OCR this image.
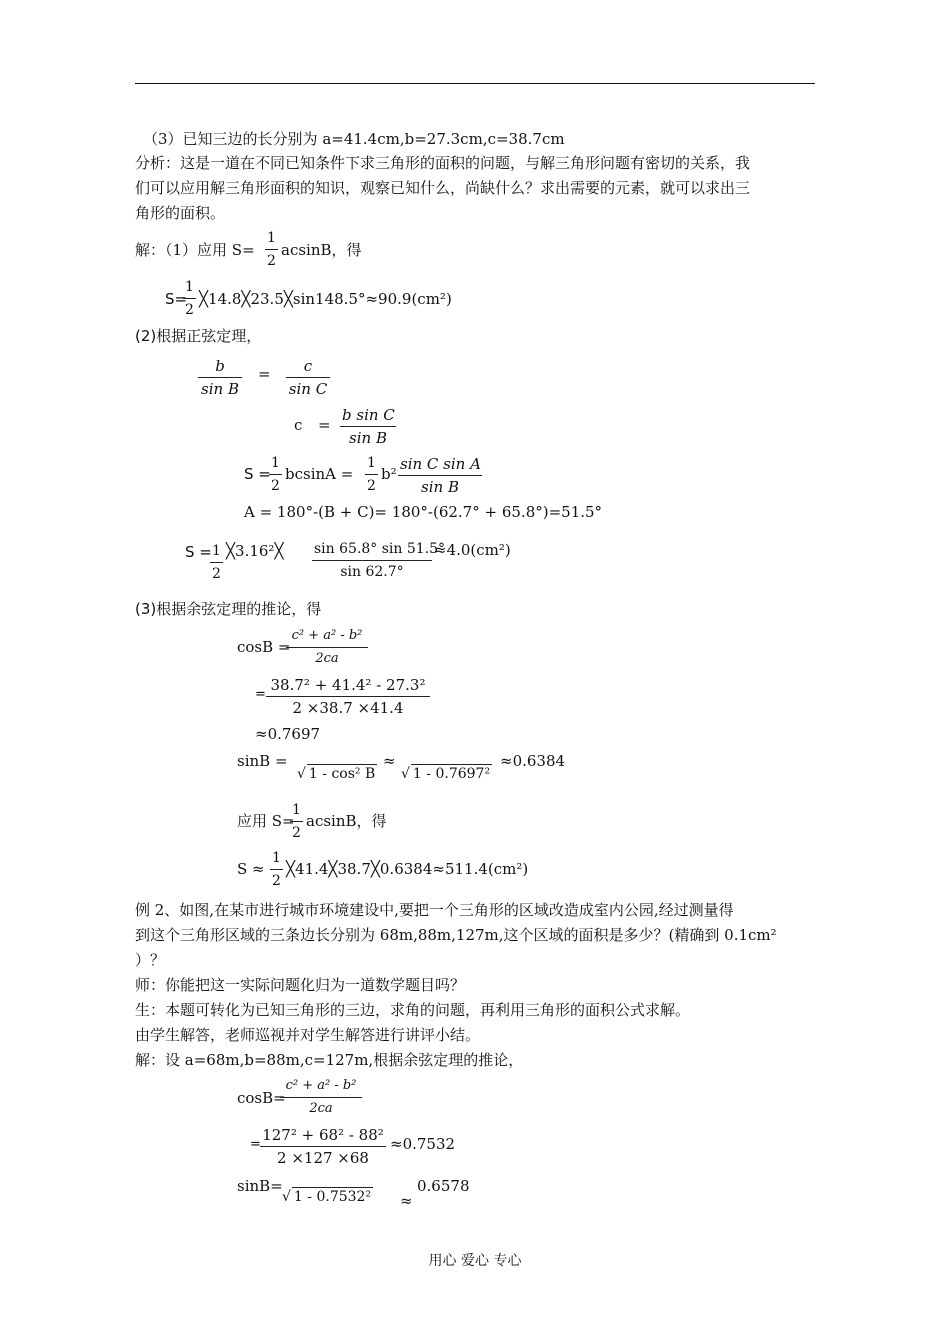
（3）已知三边的长分别为 a=41.4cm,b=27.3cm,c=38.7cm
分析：这是一道在不同已知条件下求三角形的面积的问题，与解三角形问题有密切的关系，我
们可以应用解三角形面积的知识，观察已知什么，尚缺什么？求出需要的元素，就可以求出三
角形的面积。
解：（1）应用 $S= \frac{1}{2}$ acsinB，得
S=
$\frac{1}{2}$ ╳14.8╳23.5╳sin148.5°≈90.9(cm²)
(2)根据正弦定理，
$\frac{b}{\text{sin B}} = \frac{c}{\text{sin C}}$
$c = \frac{\text{b sin C}}{\text{sin B}}$
S =
$\frac{1}{2}$ $bcsinA = \frac{1}{2} b^2 \frac{\text{sin C sin A}}{\text{sin B}}$
A = 180°-(B + C)= 180°-(62.7° + 65.8°)=51.5°
S =
$\frac{1}{2}$ ╳3.16²╳ $\frac{\sin 65.8^\circ \sin 51.5^\circ}{\sin 62.7^\circ} \approx 4.0(cm^2)$
(3)根据余弦定理的推论，得
cosB =
$\frac{\text{c² + a² - b²}}{2ca}$
= $\frac{\text{38.7² + 41.4² - 27.3²}}{2 \times 38.7 \times 41.4}$
≈0.7697
sinB =
√ 1 - cos² B
≈
√ 1 - 0.7697²
≈0.6384
应用 S=
$\frac{1}{2}$ acsinB，得
$S \approx \frac{1}{2}$ ╳41.4╳38.7╳0.6384≈511.4(cm²)
例 2、如图,在某市进行城市环境建设中,要把一个三角形的区域改造成室内公园,经过测量得
到这个三角形区域的三条边长分别为 68m,88m,127m,这个区域的面积是多少？(精确到 0.1cm²
）？
师：你能把这一实际问题化归为一道数学题目吗？
生：本题可转化为已知三角形的三边，求角的问题，再利用三角形的面积公式求解。
由学生解答，老师巡视并对学生解答进行讲评小结。
解：设 a=68m,b=88m,c=127m,根据余弦定理的推论，
cosB=
$\frac{\text{c² + a² - b²}}{2ca}$
= $\frac{\text{127² + 68² - 88²}}{2 \times 127 \times 68} \approx 0.7532$
sinB=
√ 1 - 0.7532² ≈
0.6578
用心 爱心 专心
